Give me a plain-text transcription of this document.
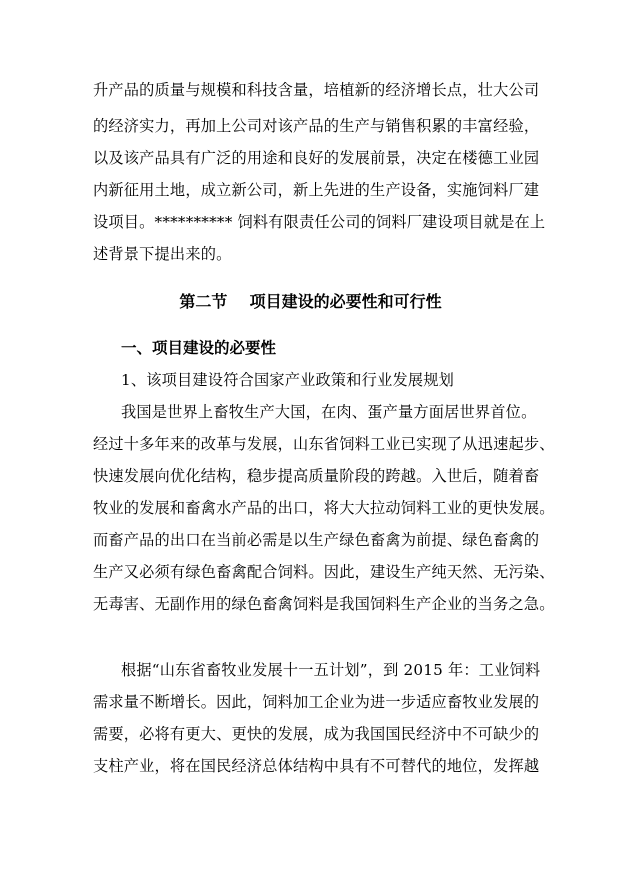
升产品的质量与规模和科技含量，培植新的经济增长点，壮大公司
的经济实力，再加上公司对该产品的生产与销售积累的丰富经验，
以及该产品具有广泛的用途和良好的发展前景，决定在楼德工业园
内新征用土地，成立新公司，新上先进的生产设备，实施饲料厂建
设项目。********** 饲料有限责任公司的饲料厂建设项目就是在上
述背景下提出来的。
第二节    项目建设的必要性和可行性
一、项目建设的必要性
1、该项目建设符合国家产业政策和行业发展规划
我国是世界上畜牧生产大国，在肉、蛋产量方面居世界首位。
经过十多年来的改革与发展，山东省饲料工业已实现了从迅速起步、
快速发展向优化结构，稳步提高质量阶段的跨越。入世后，随着畜
牧业的发展和畜禽水产品的出口，将大大拉动饲料工业的更快发展。
而畜产品的出口在当前必需是以生产绿色畜禽为前提、绿色畜禽的
生产又必须有绿色畜禽配合饲料。因此，建设生产纯天然、无污染、
无毒害、无副作用的绿色畜禽饲料是我国饲料生产企业的当务之急。
根据“山东省畜牧业发展十一五计划”，到 2015 年：工业饲料
需求量不断增长。因此，饲料加工企业为进一步适应畜牧业发展的
需要，必将有更大、更快的发展，成为我国国民经济中不可缺少的
支柱产业，将在国民经济总体结构中具有不可替代的地位，发挥越
